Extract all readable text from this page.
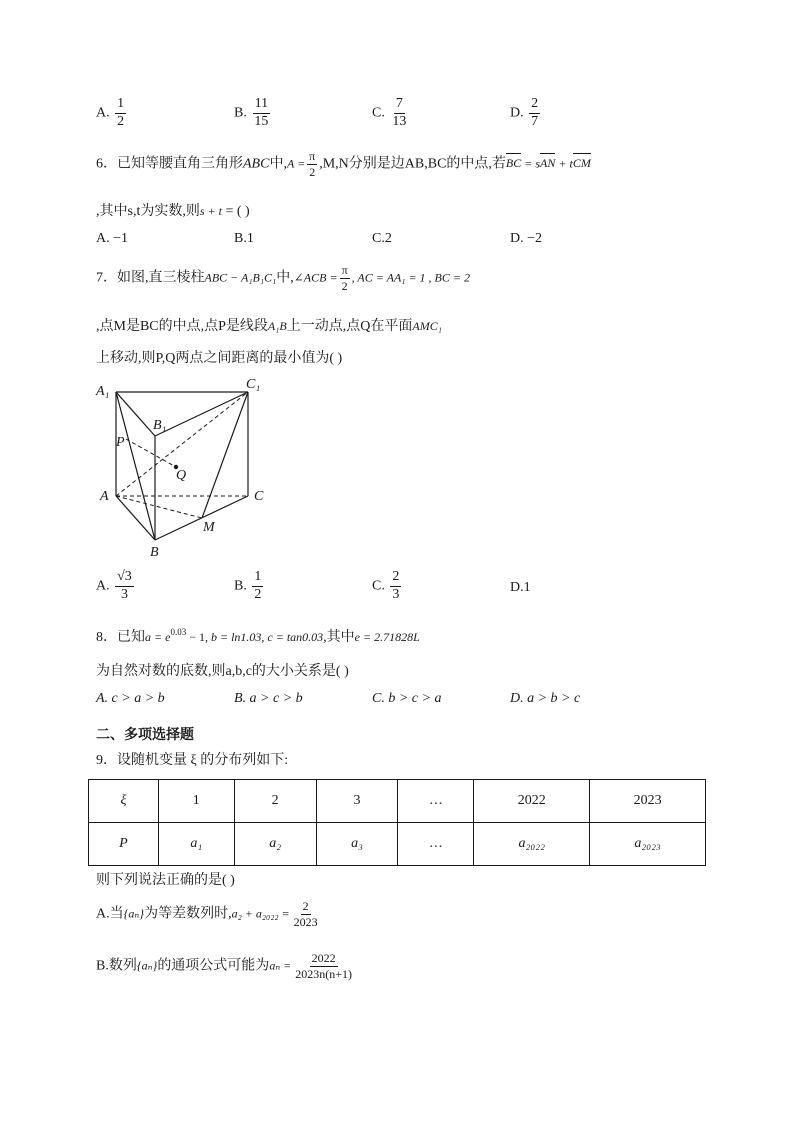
A. $\frac{1}{2}$	B. $\frac{11}{15}$	C. $\frac{7}{13}$	D. $\frac{2}{7}$
6．已知等腰直角三角形ABC中$,A = \frac{\pi}{2} ,M,N$分别是边AB,BC的中点,若BC = sAN + tCM
,其中s,t为实数,则s + t = ( )
A. −1	B.1	C.2	D. −2
7．如图,直三棱柱ABC − A₁B₁C₁中,∠ACB = $\frac{\pi}{2}$ , AC = AA₁ = 1 , BC = 2
,点M是BC的中点,点P是线段A₁B上一动点,点Q在平面AMC₁
上移动,则P,Q两点之间距离的最小值为( )
A₁	C₁
B₁
P
Q
A	C
M
B
A. $\frac{√3}{3}$	B. $\frac{1}{2}$	C. $\frac{2}{3}$	D.1
8．已知$a = e^{0.03} - 1$, b = ln1.03, c = tan0.03,其中e = 2.71828L
为自然对数的底数,则a,b,c的大小关系是( )
A. c > a > b	B. a > c > b	C. b > c > a	D. a > b > c
二、多项选择题
9．设随机变量 ξ 的分布列如下:
ξ	1	2	3	…	2022	2023
P	a₁	a₂	a₃	…	a₂₀₂₂	a₂₀₂₃
则下列说法正确的是( )
A.当{aₙ}为等差数列时$,a_2 + a_{2022} = \frac{2}{2023}$
B.数列{aₙ}的通项公式可能为$a_n = \frac{2022}{2023n(n+1)}$
